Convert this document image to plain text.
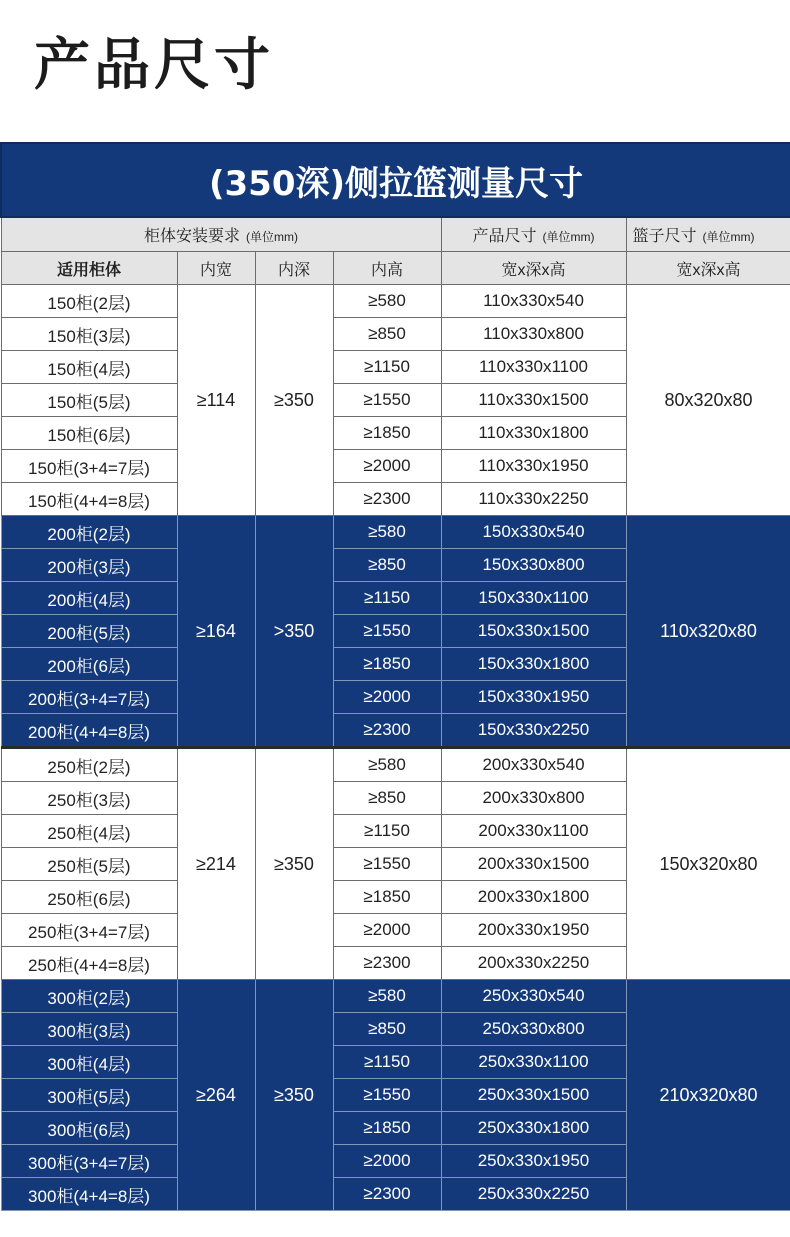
产品尺寸
(350深)侧拉篮测量尺寸					
柜体安装要求 (单位mm)				产品尺寸 (单位mm)	篮子尺寸 (单位mm)
适用柜体	内宽	内深	内高	宽x深x高	宽x深x高
150柜(2层)	≥114	≥350	≥580	110x330x540	80x320x80
150柜(3层)			≥850	110x330x800	
150柜(4层)			≥1150	110x330x1100	
150柜(5层)			≥1550	110x330x1500	
150柜(6层)			≥1850	110x330x1800	
150柜(3+4=7层)			≥2000	110x330x1950	
150柜(4+4=8层)			≥2300	110x330x2250	
200柜(2层)	≥164	>350	≥580	150x330x540	110x320x80
200柜(3层)			≥850	150x330x800	
200柜(4层)			≥1150	150x330x1100	
200柜(5层)			≥1550	150x330x1500	
200柜(6层)			≥1850	150x330x1800	
200柜(3+4=7层)			≥2000	150x330x1950	
200柜(4+4=8层)			≥2300	150x330x2250	
250柜(2层)	≥214	≥350	≥580	200x330x540	150x320x80
250柜(3层)			≥850	200x330x800	
250柜(4层)			≥1150	200x330x1100	
250柜(5层)			≥1550	200x330x1500	
250柜(6层)			≥1850	200x330x1800	
250柜(3+4=7层)			≥2000	200x330x1950	
250柜(4+4=8层)			≥2300	200x330x2250	
300柜(2层)	≥264	≥350	≥580	250x330x540	210x320x80
300柜(3层)			≥850	250x330x800	
300柜(4层)			≥1150	250x330x1100	
300柜(5层)			≥1550	250x330x1500	
300柜(6层)			≥1850	250x330x1800	
300柜(3+4=7层)			≥2000	250x330x1950	
300柜(4+4=8层)			≥2300	250x330x2250	
